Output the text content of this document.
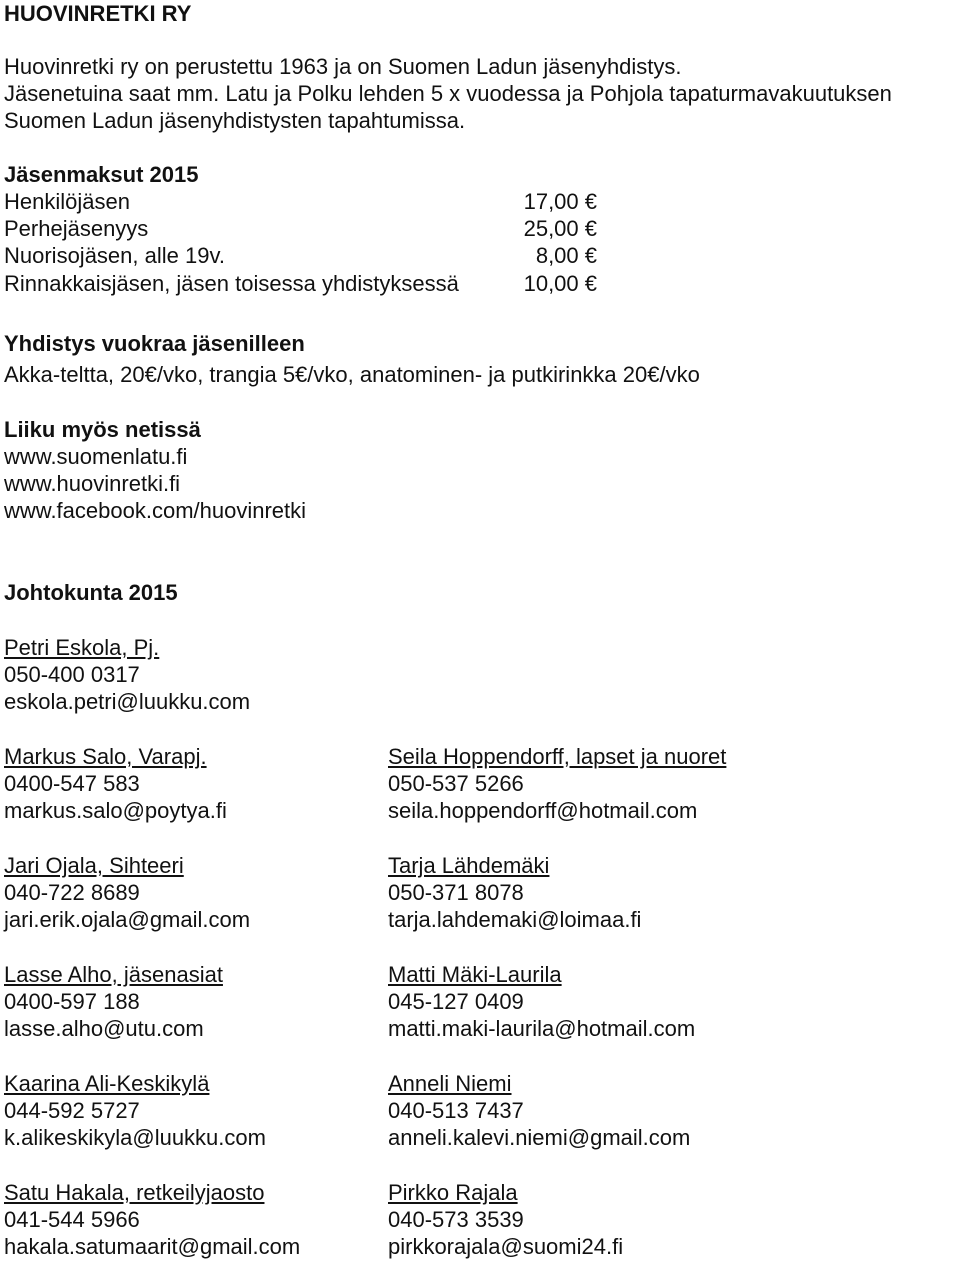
HUOVINRETKI RY
Huovinretki ry on perustettu 1963 ja on Suomen Ladun jäsenyhdistys.
Jäsenetuina saat mm. Latu ja Polku lehden 5 x vuodessa ja Pohjola tapaturmavakuutuksen
Suomen Ladun jäsenyhdistysten tapahtumissa.
Jäsenmaksut 2015
Henkilöjäsen	17,00 €
Perhejäsenyys	25,00 €
Nuorisojäsen, alle 19v.	8,00 €
Rinnakkaisjäsen, jäsen toisessa yhdistyksessä	10,00 €
Yhdistys vuokraa jäsenilleen
Akka-teltta, 20€/vko, trangia 5€/vko, anatominen- ja putkirinkka 20€/vko
Liiku myös netissä
www.suomenlatu.fi
www.huovinretki.fi
www.facebook.com/huovinretki
Johtokunta 2015
Petri Eskola, Pj.
050-400 0317
eskola.petri@luukku.com
Markus Salo, Varapj.
0400-547 583
markus.salo@poytya.fi
Jari Ojala, Sihteeri
040-722 8689
jari.erik.ojala@gmail.com
Lasse Alho, jäsenasiat
0400-597 188
lasse.alho@utu.com
Kaarina Ali-Keskikylä
044-592 5727
k.alikeskikyla@luukku.com
Satu Hakala, retkeilyjaosto
041-544 5966
hakala.satumaarit@gmail.com
Seila Hoppendorff, lapset ja nuoret
050-537 5266
seila.hoppendorff@hotmail.com
Tarja Lähdemäki
050-371 8078
tarja.lahdemaki@loimaa.fi
Matti Mäki-Laurila
045-127 0409
matti.maki-laurila@hotmail.com
Anneli Niemi
040-513 7437
anneli.kalevi.niemi@gmail.com
Pirkko Rajala
040-573 3539
pirkkorajala@suomi24.fi
